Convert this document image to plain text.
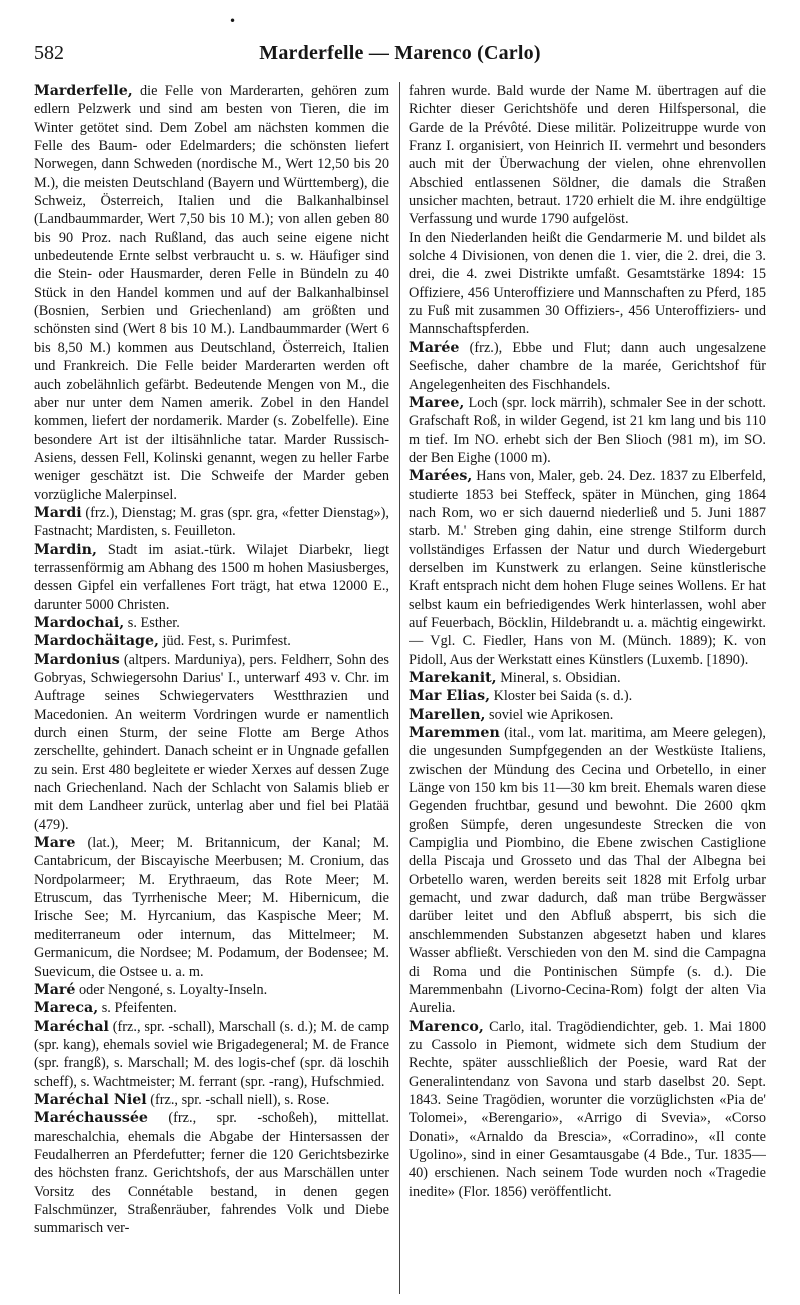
•
582	Marderfelle — Marenco (Carlo)

Marderfelle, die Felle von Marderarten, gehören zum edlern Pelzwerk und sind am besten von Tieren, die im Winter getötet sind. Dem Zobel am nächsten kommen die Felle des Baum- oder Edelmarders; die schönsten liefert Norwegen, dann Schweden (nordische M., Wert 12,50 bis 20 M.), die meisten Deutschland (Bayern und Württemberg), die Schweiz, Österreich, Italien und die Balkanhalbinsel (Landbaummarder, Wert 7,50 bis 10 M.); von allen geben 80 bis 90 Proz. nach Rußland, das auch seine eigene nicht unbedeutende Ernte selbst verbraucht u. s. w. Häufiger sind die Stein- oder Hausmarder, deren Felle in Bündeln zu 40 Stück in den Handel kommen und auf der Balkanhalbinsel (Bosnien, Serbien und Griechenland) am größten und schönsten sind (Wert 8 bis 10 M.). Landbaummarder (Wert 6 bis 8,50 M.) kommen aus Deutschland, Österreich, Italien und Frankreich. Die Felle beider Marderarten werden oft auch zobelähnlich gefärbt. Bedeutende Mengen von M., die aber nur unter dem Namen amerik. Zobel in den Handel kommen, liefert der nordamerik. Marder (s. Zobelfelle). Eine besondere Art ist der iltisähnliche tatar. Marder Russisch-Asiens, dessen Fell, Kolinski genannt, wegen zu heller Farbe weniger geschätzt ist. Die Schweife der Marder geben vorzügliche Malerpinsel.

Mardi (frz.), Dienstag; M. gras (spr. gra, «fetter Dienstag»), Fastnacht; Mardisten, s. Feuilleton.

Mardin, Stadt im asiat.-türk. Wilajet Diarbekr, liegt terrassenförmig am Abhang des 1500 m hohen Masiusberges, dessen Gipfel ein verfallenes Fort trägt, hat etwa 12000 E., darunter 5000 Christen.

Mardochai, s. Esther.

Mardochäitage, jüd. Fest, s. Purimfest.

Mardonius (altpers. Marduniya), pers. Feldherr, Sohn des Gobryas, Schwiegersohn Darius' I., unterwarf 493 v. Chr. im Auftrage seines Schwiegervaters Westthrazien und Macedonien. An weiterm Vordringen wurde er namentlich durch einen Sturm, der seine Flotte am Berge Athos zerschellte, gehindert. Danach scheint er in Ungnade gefallen zu sein. Erst 480 begleitete er wieder Xerxes auf dessen Zuge nach Griechenland. Nach der Schlacht von Salamis blieb er mit dem Landheer zurück, unterlag aber und fiel bei Platää (479).

Mare (lat.), Meer; M. Britannicum, der Kanal; M. Cantabricum, der Biscayische Meerbusen; M. Cronium, das Nordpolarmeer; M. Erythraeum, das Rote Meer; M. Etruscum, das Tyrrhenische Meer; M. Hibernicum, die Irische See; M. Hyrcanium, das Kaspische Meer; M. mediterraneum oder internum, das Mittelmeer; M. Germanicum, die Nordsee; M. Podamum, der Bodensee; M. Suevicum, die Ostsee u. a. m.

Maré oder Nengoné, s. Loyalty-Inseln.

Mareca, s. Pfeifenten.

Maréchal (frz., spr. -schall), Marschall (s. d.); M. de camp (spr. kang), ehemals soviel wie Brigadegeneral; M. de France (spr. frangß), s. Marschall; M. des logis-chef (spr. dä loschih scheff), s. Wachtmeister; M. ferrant (spr. -rang), Hufschmied.

Maréchal Niel (frz., spr. -schall niell), s. Rose.

Maréchaussée (frz., spr. -schoßeh), mittellat. mareschalchia, ehemals die Abgabe der Hintersassen der Feudalherren an Pferdefutter; ferner die 120 Gerichtsbezirke des höchsten franz. Gerichtshofs, der aus Marschällen unter Vorsitz des Connétable bestand, in denen gegen Falschmünzer, Straßenräuber, fahrendes Volk und Diebe summarisch ver-

fahren wurde. Bald wurde der Name M. übertragen auf die Richter dieser Gerichtshöfe und deren Hilfspersonal, die Garde de la Prévôté. Diese militär. Polizeitruppe wurde von Franz I. organisiert, von Heinrich II. vermehrt und besonders auch mit der Überwachung der vielen, ohne ehrenvollen Abschied entlassenen Söldner, die damals die Straßen unsicher machten, betraut. 1720 erhielt die M. ihre endgültige Verfassung und wurde 1790 aufgelöst.

In den Niederlanden heißt die Gendarmerie M. und bildet als solche 4 Divisionen, von denen die 1. vier, die 2. drei, die 3. drei, die 4. zwei Distrikte umfaßt. Gesamtstärke 1894: 15 Offiziere, 456 Unteroffiziere und Mannschaften zu Pferd, 185 zu Fuß mit zusammen 30 Offiziers-, 456 Unteroffiziers- und Mannschaftspferden.

Marée (frz.), Ebbe und Flut; dann auch ungesalzene Seefische, daher chambre de la marée, Gerichtshof für Angelegenheiten des Fischhandels.

Maree, Loch (spr. lock märrih), schmaler See in der schott. Grafschaft Roß, in wilder Gegend, ist 21 km lang und bis 110 m tief. Im NO. erhebt sich der Ben Slioch (981 m), im SO. der Ben Eighe (1000 m).

Marées, Hans von, Maler, geb. 24. Dez. 1837 zu Elberfeld, studierte 1853 bei Steffeck, später in München, ging 1864 nach Rom, wo er sich dauernd niederließ und 5. Juni 1887 starb. M.' Streben ging dahin, eine strenge Stilform durch vollständiges Erfassen der Natur und durch Wiedergeburt derselben im Kunstwerk zu erlangen. Seine künstlerische Kraft entsprach nicht dem hohen Fluge seines Wollens. Er hat selbst kaum ein befriedigendes Werk hinterlassen, wohl aber auf Feuerbach, Böcklin, Hildebrandt u. a. mächtig eingewirkt. — Vgl. C. Fiedler, Hans von M. (Münch. 1889); K. von Pidoll, Aus der Werkstatt eines Künstlers (Luxemb. [1890).

Marekanit, Mineral, s. Obsidian.

Mar Elias, Kloster bei Saida (s. d.).

Marellen, soviel wie Aprikosen.

Maremmen (ital., vom lat. maritima, am Meere gelegen), die ungesunden Sumpfgegenden an der Westküste Italiens, zwischen der Mündung des Cecina und Orbetello, in einer Länge von 150 km bis 11—30 km breit. Ehemals waren diese Gegenden fruchtbar, gesund und bewohnt. Die 2600 qkm großen Sümpfe, deren ungesundeste Strecken die von Campiglia und Piombino, die Ebene zwischen Castiglione della Piscaja und Grosseto und das Thal der Albegna bei Orbetello waren, werden bereits seit 1828 mit Erfolg urbar gemacht, und zwar dadurch, daß man trübe Bergwässer darüber leitet und den Abfluß absperrt, bis sich die anschlemmenden Substanzen abgesetzt haben und klares Wasser abfließt. Verschieden von den M. sind die Campagna di Roma und die Pontinischen Sümpfe (s. d.). Die Maremmenbahn (Livorno-Cecina-Rom) folgt der alten Via Aurelia.

Marenco, Carlo, ital. Tragödiendichter, geb. 1. Mai 1800 zu Cassolo in Piemont, widmete sich dem Studium der Rechte, später ausschließlich der Poesie, ward Rat der Generalintendanz von Savona und starb daselbst 20. Sept. 1843. Seine Tragödien, worunter die vorzüglichsten «Pia de' Tolomei», «Berengario», «Arrigo di Svevia», «Corso Donati», «Arnaldo da Brescia», «Corradino», «Il conte Ugolino», sind in einer Gesamtausgabe (4 Bde., Tur. 1835—40) erschienen. Nach seinem Tode wurden noch «Tragedie inedite» (Flor. 1856) veröffentlicht.
